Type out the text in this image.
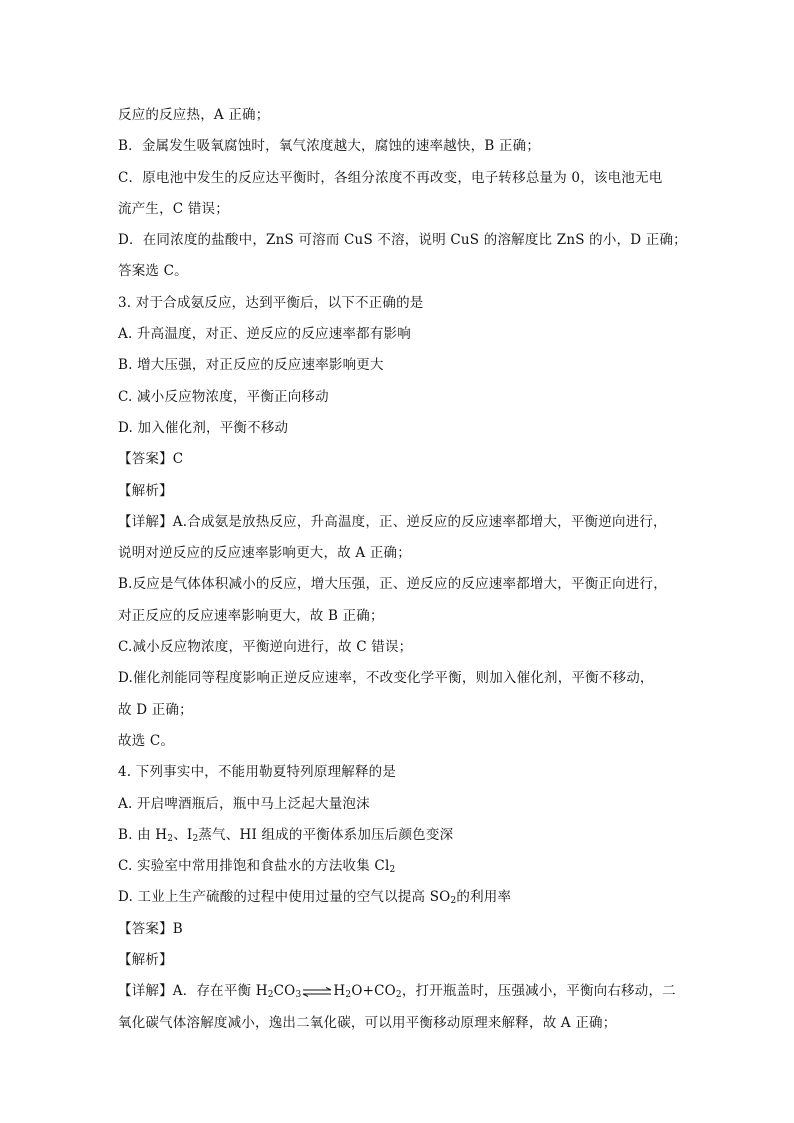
反应的反应热，A 正确；
B．金属发生吸氧腐蚀时，氧气浓度越大，腐蚀的速率越快，B 正确；
C．原电池中发生的反应达平衡时，各组分浓度不再改变，电子转移总量为 0，该电池无电
流产生，C 错误；
D．在同浓度的盐酸中，ZnS 可溶而 CuS 不溶，说明 CuS 的溶解度比 ZnS 的小，D 正确；
答案选 C。
3. 对于合成氨反应，达到平衡后，以下不正确的是
A. 升高温度，对正、逆反应的反应速率都有影响
B. 增大压强，对正反应的反应速率影响更大
C. 减小反应物浓度，平衡正向移动
D. 加入催化剂，平衡不移动
【答案】C
【解析】
【详解】A.合成氨是放热反应，升高温度，正、逆反应的反应速率都增大，平衡逆向进行，
说明对逆反应的反应速率影响更大，故 A 正确；
B.反应是气体体积减小的反应，增大压强，正、逆反应的反应速率都增大，平衡正向进行，
对正反应的反应速率影响更大，故 B 正确；
C.减小反应物浓度，平衡逆向进行，故 C 错误；
D.催化剂能同等程度影响正逆反应速率，不改变化学平衡，则加入催化剂，平衡不移动，
故 D 正确；
故选 C。
4. 下列事实中，不能用勒夏特列原理解释的是
A. 开启啤酒瓶后，瓶中马上泛起大量泡沫
B. 由 $H_2$、$I_2$蒸气、HI 组成的平衡体系加压后颜色变深
C. 实验室中常用排饱和食盐水的方法收集 $Cl_2$
D. 工业上生产硫酸的过程中使用过量的空气以提高 $SO_2$的利用率
【答案】B
【解析】
【详解】A．存在平衡 $H_2CO_3\rightleftharpoons H_2O+CO_2$，打开瓶盖时，压强减小，平衡向右移动，二
氧化碳气体溶解度减小，逸出二氧化碳，可以用平衡移动原理来解释，故 A 正确；
